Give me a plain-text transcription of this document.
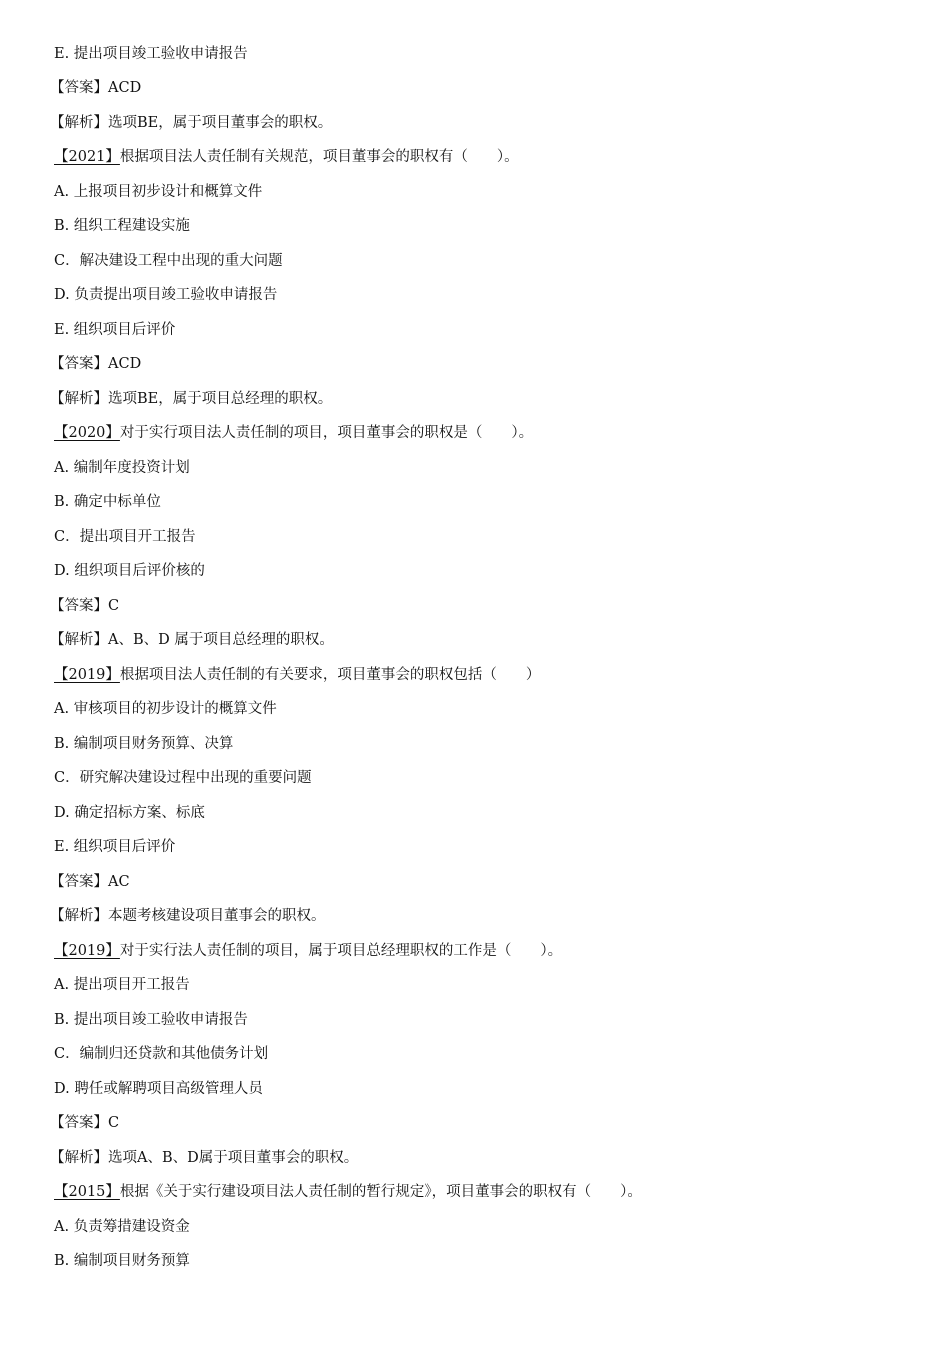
E. 提出项目竣工验收申请报告
【答案】ACD
【解析】选项BE，属于项目董事会的职权。
【2021】根据项目法人责任制有关规范，项目董事会的职权有（　　）。
A. 上报项目初步设计和概算文件
B. 组织工程建设实施
C．解决建设工程中出现的重大问题
D. 负责提出项目竣工验收申请报告
E. 组织项目后评价
【答案】ACD
【解析】选项BE，属于项目总经理的职权。
【2020】对于实行项目法人责任制的项目，项目董事会的职权是（　　）。
A. 编制年度投资计划
B. 确定中标单位
C．提出项目开工报告
D. 组织项目后评价核的
【答案】C
【解析】A、B、D 属于项目总经理的职权。
【2019】根据项目法人责任制的有关要求，项目董事会的职权包括（　　）
A. 审核项目的初步设计的概算文件
B. 编制项目财务预算、决算
C．研究解决建设过程中出现的重要问题
D. 确定招标方案、标底
E. 组织项目后评价
【答案】AC
【解析】本题考核建设项目董事会的职权。
【2019】对于实行法人责任制的项目，属于项目总经理职权的工作是（　　）。
A. 提出项目开工报告
B. 提出项目竣工验收申请报告
C．编制归还贷款和其他债务计划
D. 聘任或解聘项目高级管理人员
【答案】C
【解析】选项A、B、D属于项目董事会的职权。
【2015】根据《关于实行建设项目法人责任制的暂行规定》，项目董事会的职权有（　　）。
A. 负责筹措建设资金
B. 编制项目财务预算
